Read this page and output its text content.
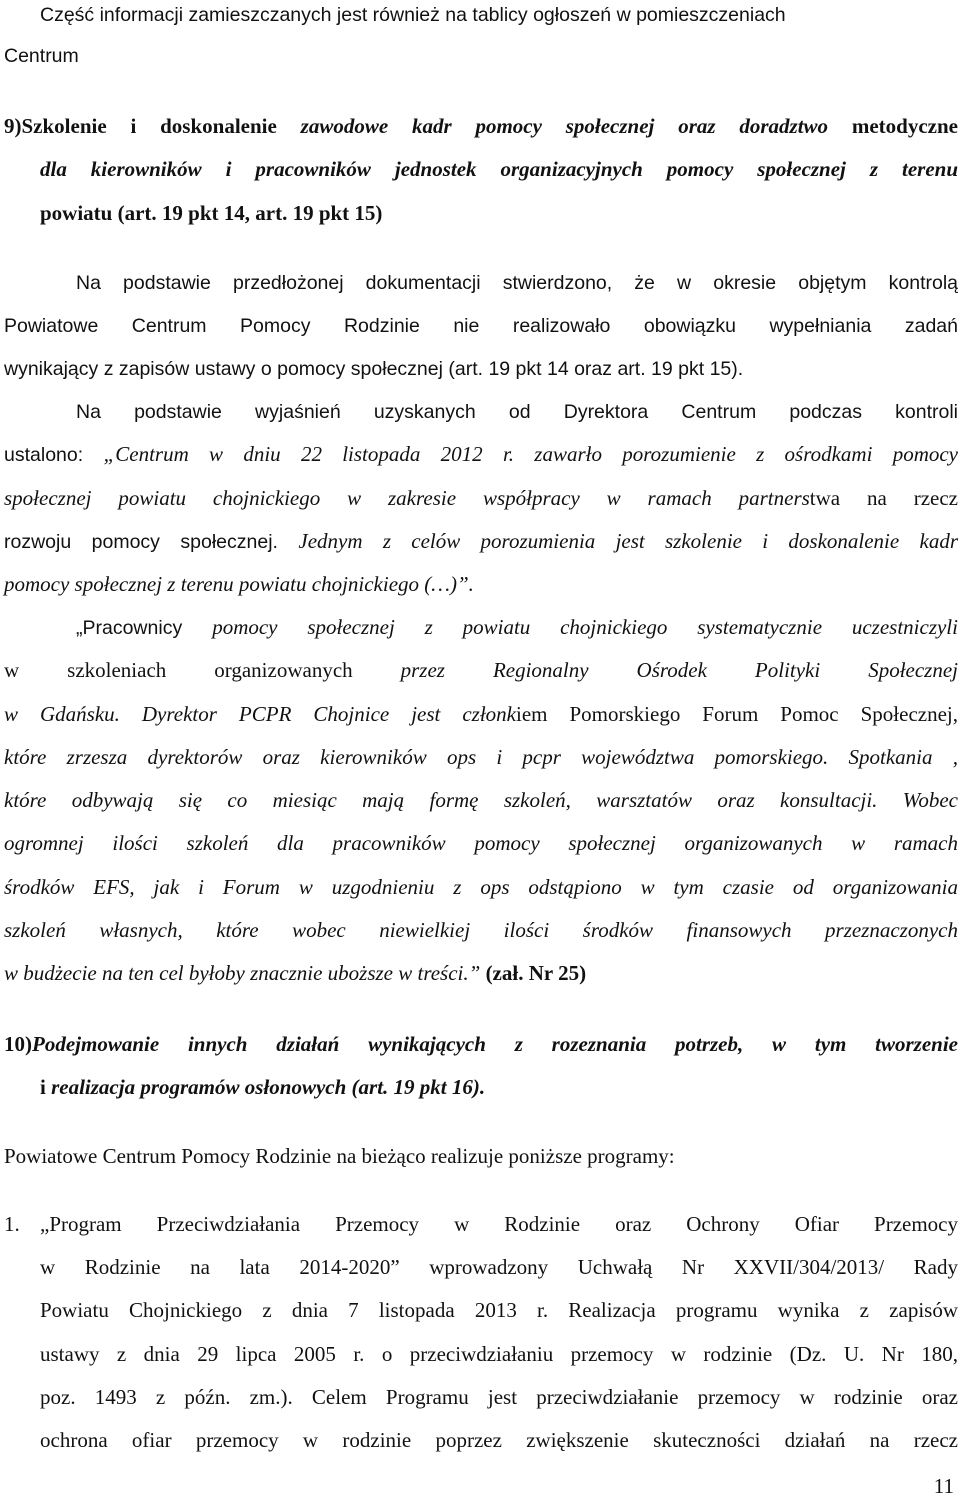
Część informacji zamieszczanych jest również na tablicy ogłoszeń w pomieszczeniach
Centrum
9)Szkolenie i doskonalenie zawodowe kadr pomocy społecznej oraz doradztwo metodyczne
dla kierowników i pracowników jednostek organizacyjnych pomocy społecznej z terenu
powiatu (art. 19 pkt 14, art. 19 pkt 15)
Na podstawie przedłożonej dokumentacji stwierdzono, że w okresie objętym kontrolą
Powiatowe Centrum Pomocy Rodzinie nie realizowało obowiązku wypełniania zadań
wynikający z zapisów ustawy o pomocy społecznej (art. 19 pkt 14 oraz art. 19 pkt 15).
Na podstawie wyjaśnień uzyskanych od Dyrektora Centrum podczas kontroli
ustalono: „Centrum w dniu 22 listopada 2012 r. zawarło porozumienie z ośrodkami pomocy
społecznej powiatu chojnickiego w zakresie współpracy w ramach partnerstwa na rzecz
rozwoju pomocy społecznej. Jednym z celów porozumienia jest szkolenie i doskonalenie kadr
pomocy społecznej z terenu powiatu chojnickiego (…)”.
„Pracownicy pomocy społecznej z powiatu chojnickiego systematycznie uczestniczyli
w szkoleniach organizowanych przez Regionalny Ośrodek Polityki Społecznej
w Gdańsku. Dyrektor PCPR Chojnice jest członkiem Pomorskiego Forum Pomoc Społecznej,
które zrzesza dyrektorów oraz kierowników ops i pcpr województwa pomorskiego. Spotkania ,
które odbywają się co miesiąc mają formę szkoleń, warsztatów oraz konsultacji. Wobec
ogromnej ilości szkoleń dla pracowników pomocy społecznej organizowanych w ramach
środków EFS, jak i Forum w uzgodnieniu z ops odstąpiono w tym czasie od organizowania
szkoleń własnych, które wobec niewielkiej ilości środków finansowych przeznaczonych
w budżecie na ten cel byłoby znacznie uboższe w treści.” (zał. Nr 25)
10)Podejmowanie innych działań wynikających z rozeznania potrzeb, w tym tworzenie
i realizacja programów osłonowych (art. 19 pkt 16).
Powiatowe Centrum Pomocy Rodzinie na bieżąco realizuje poniższe programy:
1. „Program Przeciwdziałania Przemocy w Rodzinie oraz Ochrony Ofiar Przemocy
w Rodzinie na lata 2014-2020” wprowadzony Uchwałą Nr XXVII/304/2013/ Rady
Powiatu Chojnickiego z dnia 7 listopada 2013 r. Realizacja programu wynika z zapisów
ustawy z dnia 29 lipca 2005 r. o przeciwdziałaniu przemocy w rodzinie (Dz. U. Nr 180,
poz. 1493 z późn. zm.). Celem Programu jest przeciwdziałanie przemocy w rodzinie oraz
ochrona ofiar przemocy w rodzinie poprzez zwiększenie skuteczności działań na rzecz
11
